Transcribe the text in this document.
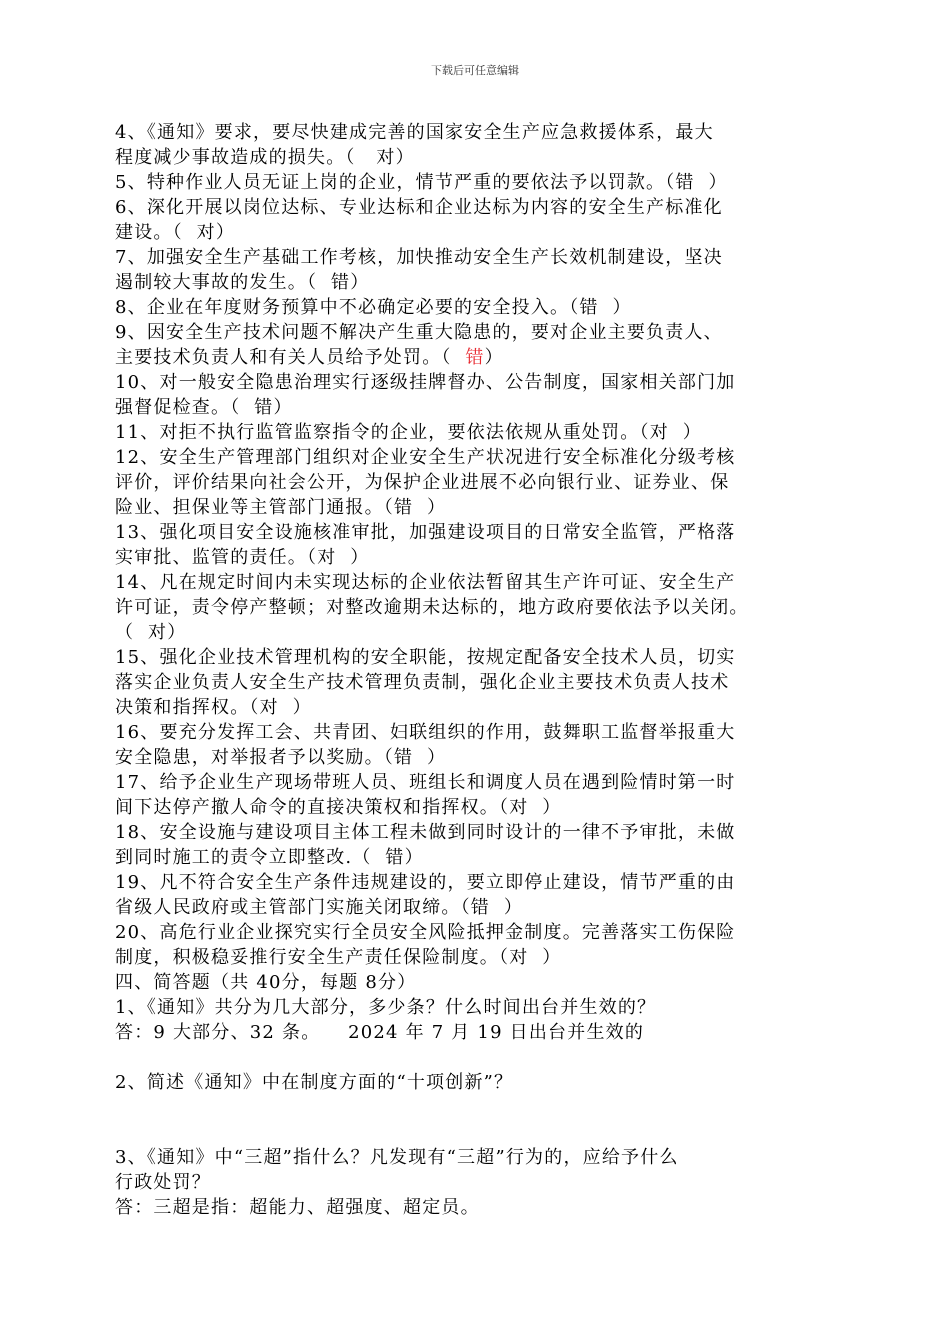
下载后可任意编辑
4、《通知》要求，要尽快建成完善的国家安全生产应急救援体系，最大
程度减少事故造成的损失。（   对）
5、特种作业人员无证上岗的企业，情节严重的要依法予以罚款。（错  ）
6、深化开展以岗位达标、专业达标和企业达标为内容的安全生产标准化
建设。（  对）
7、加强安全生产基础工作考核，加快推动安全生产长效机制建设，坚决
遏制较大事故的发生。（  错）
8、企业在年度财务预算中不必确定必要的安全投入。（错  ）
9、因安全生产技术问题不解决产生重大隐患的，要对企业主要负责人、
主要技术负责人和有关人员给予处罚。（  错）
10、对一般安全隐患治理实行逐级挂牌督办、公告制度，国家相关部门加
强督促检查。（  错）
11、对拒不执行监管监察指令的企业，要依法依规从重处罚。（对  ）
12、安全生产管理部门组织对企业安全生产状况进行安全标准化分级考核
评价，评价结果向社会公开，为保护企业进展不必向银行业、证券业、保
险业、担保业等主管部门通报。（错  ）
13、强化项目安全设施核准审批，加强建设项目的日常安全监管，严格落
实审批、监管的责任。（对  ）
14、凡在规定时间内未实现达标的企业依法暂留其生产许可证、安全生产
许可证，责令停产整顿；对整改逾期未达标的，地方政府要依法予以关闭。
（  对）
15、强化企业技术管理机构的安全职能，按规定配备安全技术人员，切实
落实企业负责人安全生产技术管理负责制，强化企业主要技术负责人技术
决策和指挥权。（对  ）
16、要充分发挥工会、共青团、妇联组织的作用，鼓舞职工监督举报重大
安全隐患，对举报者予以奖励。（错  ）
17、给予企业生产现场带班人员、班组长和调度人员在遇到险情时第一时
间下达停产撤人命令的直接决策权和指挥权。（对  ）
18、安全设施与建设项目主体工程未做到同时设计的一律不予审批，未做
到同时施工的责令立即整改.（  错）
19、凡不符合安全生产条件违规建设的，要立即停止建设，情节严重的由
省级人民政府或主管部门实施关闭取缔。（错  ）
20、高危行业企业探究实行全员安全风险抵押金制度。完善落实工伤保险
制度，积极稳妥推行安全生产责任保险制度。（对  ）
四、简答题（共 40分，每题 8分）
1、《通知》共分为几大部分，多少条？什么时间出台并生效的？
答：9 大部分、32 条。    2024 年 7 月 19 日出台并生效的
2、简述《通知》中在制度方面的“十项创新”？
3、《通知》中“三超”指什么？凡发现有“三超”行为的，应给予什么
行政处罚？
答：三超是指：超能力、超强度、超定员。
